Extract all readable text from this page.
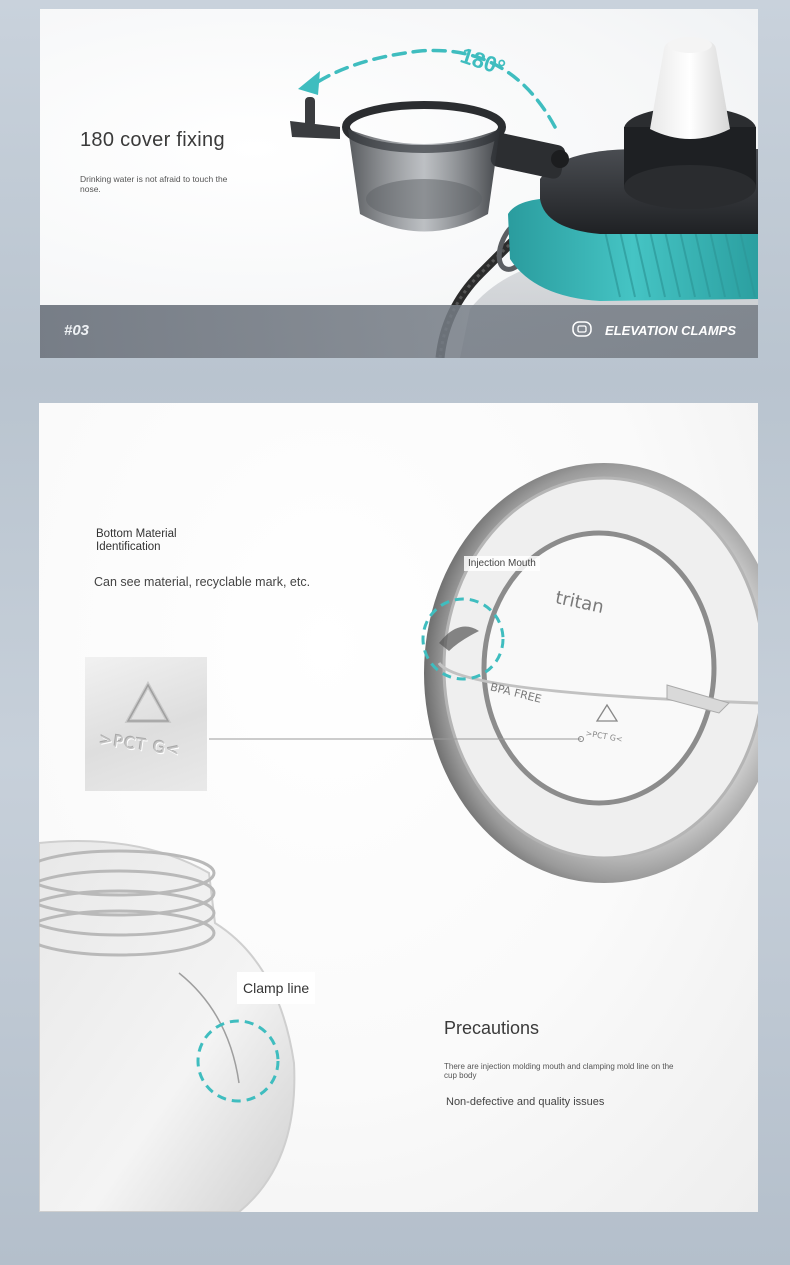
180 cover fixing
Drinking water is not afraid to touch the nose.
180°
#03	ELEVATION CLAMPS
tritan
BPA FREE
>PCT G<
Bottom Material Identification
Can see material, recyclable mark, etc.
Injection Mouth
>PCT G<
Clamp line
Precautions
There are injection molding mouth and clamping mold line on the cup body
Non-defective and quality issues
